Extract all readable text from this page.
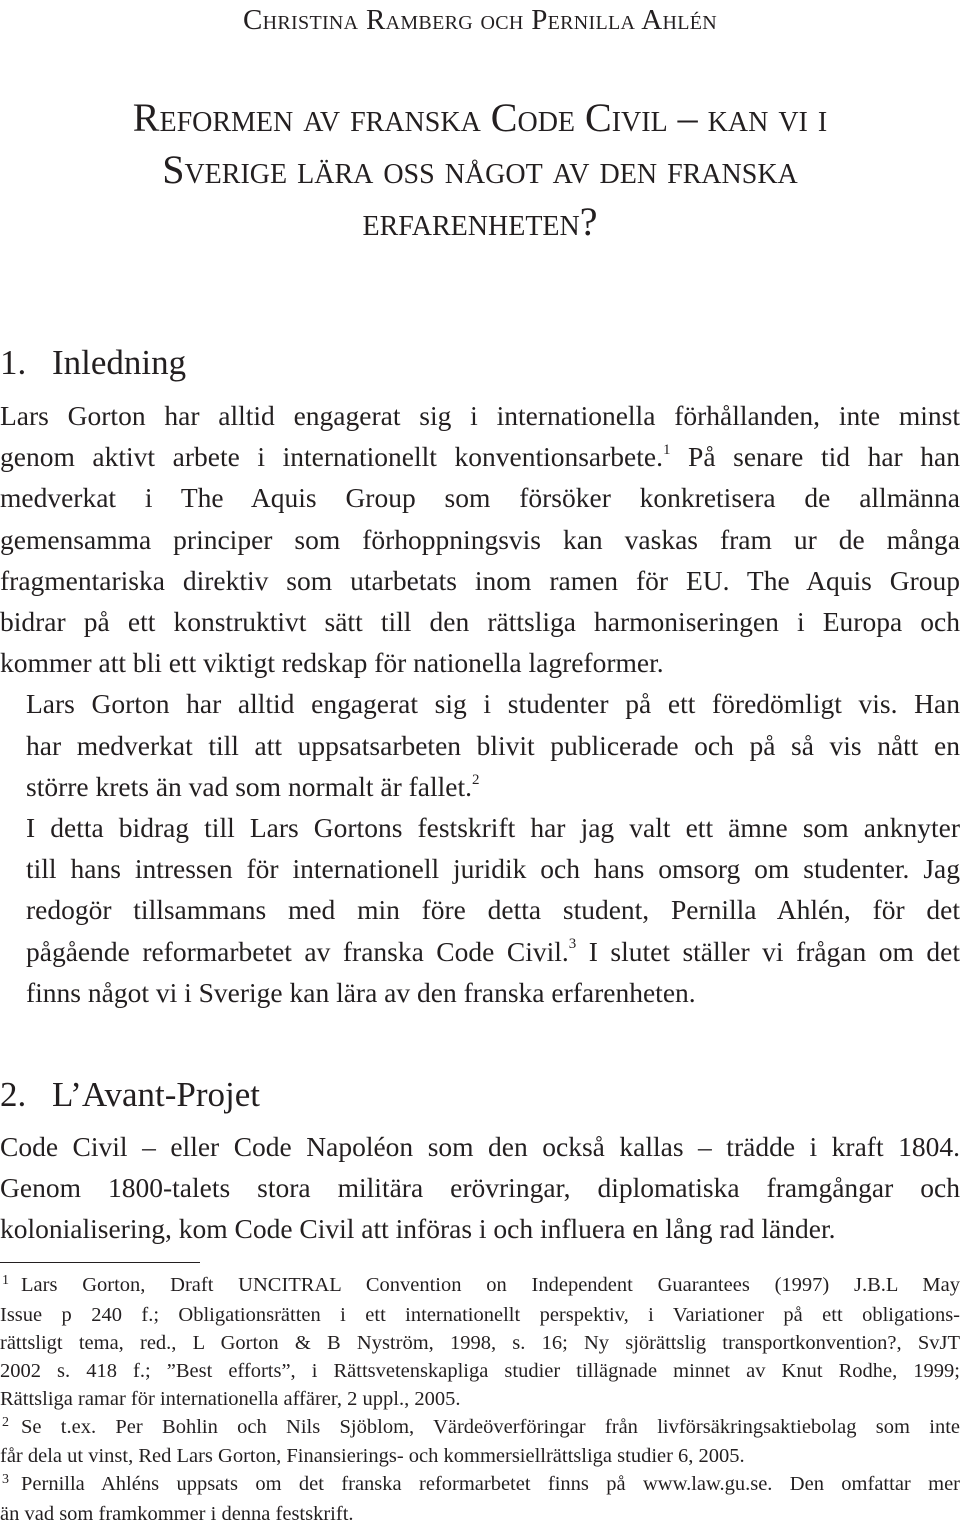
Christina Ramberg och Pernilla Ahlén
Reformen av franska Code Civil – kan vi i
Sverige lära oss något av den franska
erfarenheten?
1. Inledning

Lars Gorton har alltid engagerat sig i internationella förhållanden, inte minst
genom aktivt arbete i internationellt konventionsarbete.$^1$ På senare tid har han
medverkat i The Aquis Group som försöker konkretisera de allmänna
gemensamma principer som förhoppningsvis kan vaskas fram ur de många
fragmentariska direktiv som utarbetats inom ramen för EU. The Aquis Group
bidrar på ett konstruktivt sätt till den rättsliga harmoniseringen i Europa och
kommer att bli ett viktigt redskap för nationella lagreformer.

Lars Gorton har alltid engagerat sig i studenter på ett föredömligt vis. Han
har medverkat till att uppsatsarbeten blivit publicerade och på så vis nått en
större krets än vad som normalt är fallet.$^2$

I detta bidrag till Lars Gortons festskrift har jag valt ett ämne som anknyter
till hans intressen för internationell juridik och hans omsorg om studenter. Jag
redogör tillsammans med min före detta student, Pernilla Ahlén, för det
pågående reformarbetet av franska Code Civil.$^3$ I slutet ställer vi frågan om det
finns något vi i Sverige kan lära av den franska erfarenheten.

2. L’Avant-Projet

Code Civil – eller Code Napoléon som den också kallas – trädde i kraft 1804.
Genom 1800-talets stora militära erövringar, diplomatiska framgångar och
kolonialisering, kom Code Civil att införas i och influera en lång rad länder.

$^1$ Lars Gorton, Draft UNCITRAL Convention on Independent Guarantees (1997) J.B.L May
Issue p 240 f.; Obligationsrätten i ett internationellt perspektiv, i Variationer på ett obligations-
rättsligt tema, red., L Gorton & B Nyström, 1998, s. 16; Ny sjörättslig transportkonvention?, SvJT
2002 s. 418 f.; ”Best efforts”, i Rättsvetenskapliga studier tillägnade minnet av Knut Rodhe, 1999;
Rättsliga ramar för internationella affärer, 2 uppl., 2005.
$^2$ Se t.ex. Per Bohlin och Nils Sjöblom, Värdeöverföringar från livförsäkringsaktiebolag som inte
får dela ut vinst, Red Lars Gorton, Finansierings- och kommersiellrättsliga studier 6, 2005.
$^3$ Pernilla Ahléns uppsats om det franska reformarbetet finns på www.law.gu.se. Den omfattar mer
än vad som framkommer i denna festskrift.
